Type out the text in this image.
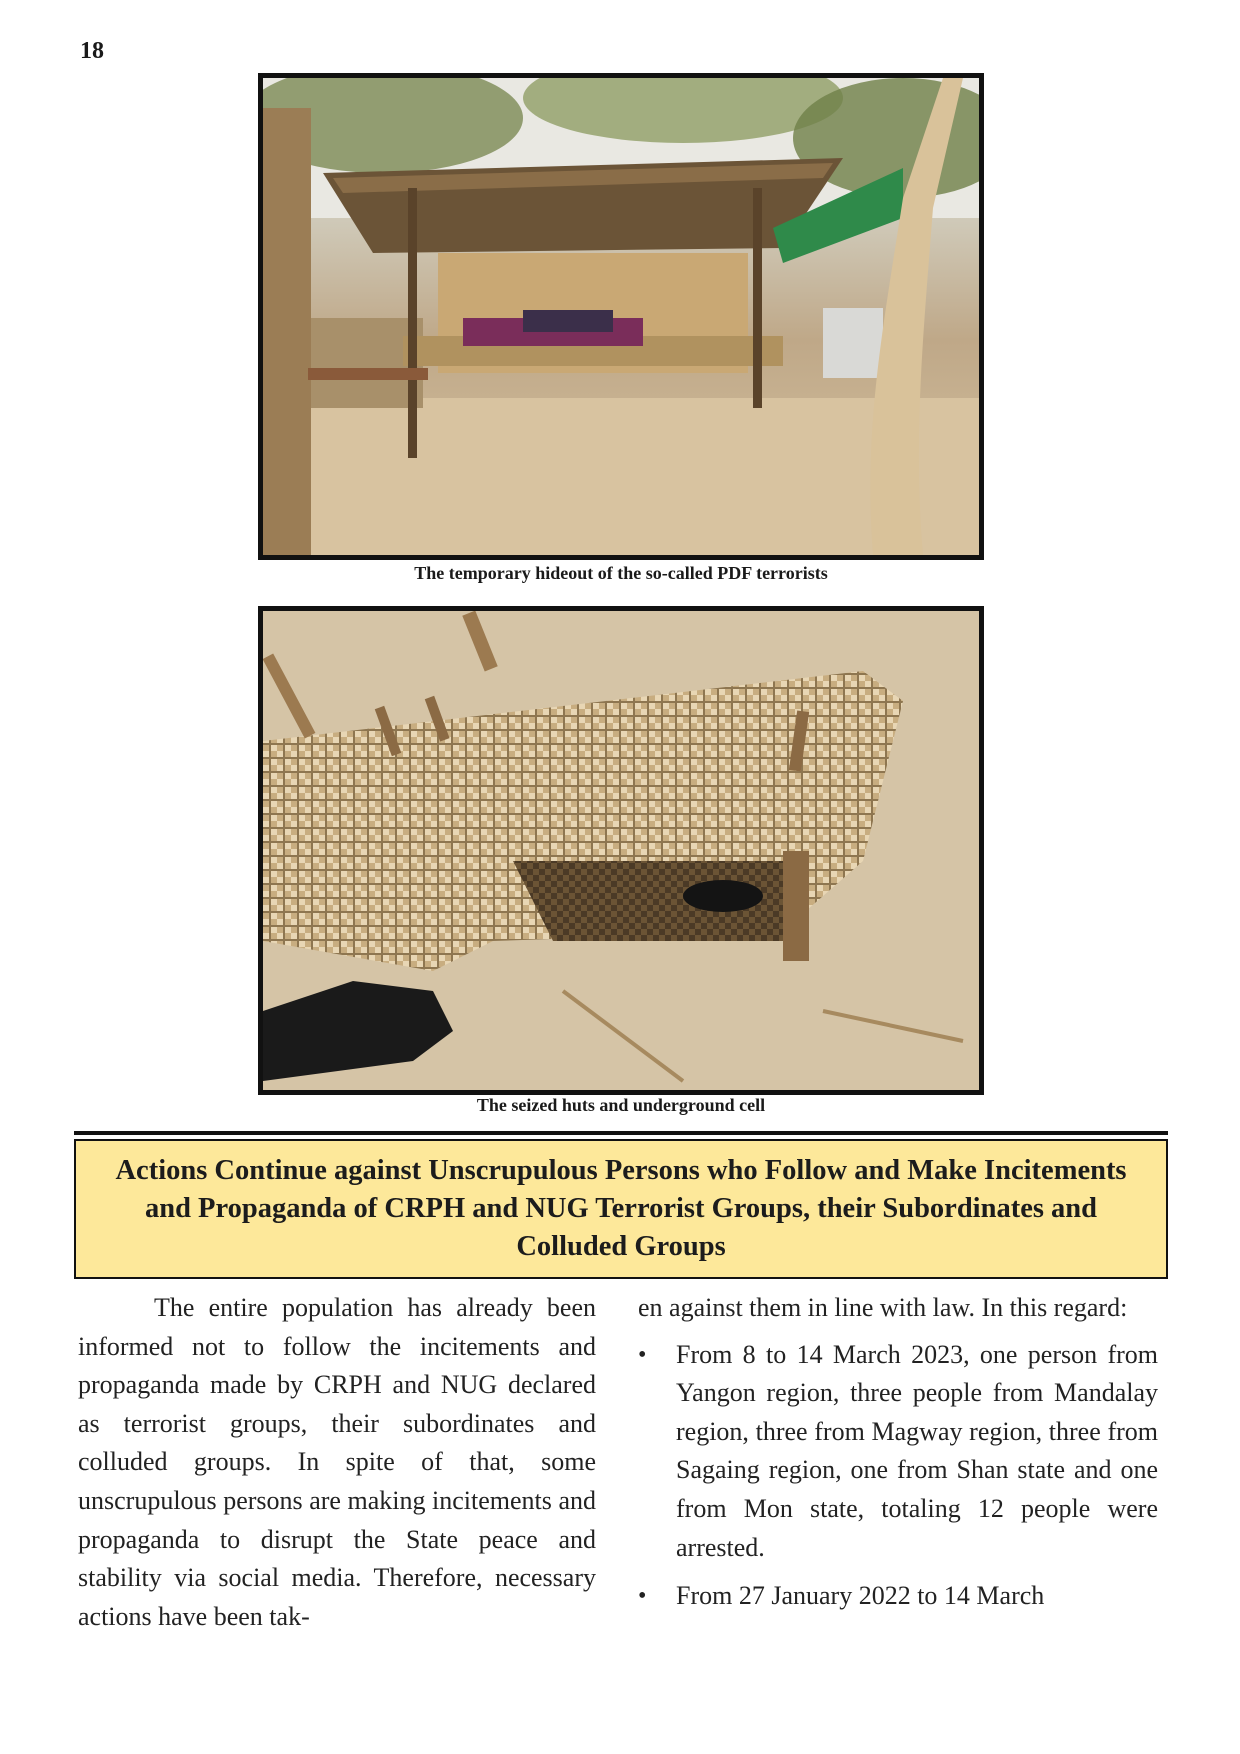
18
The temporary hideout of the so-called PDF terrorists
The seized huts and underground cell
Actions Continue against Unscrupulous Persons who Follow and Make Incitements and Propaganda of CRPH and NUG Terrorist Groups, their Subordinates and Colluded Groups

The entire population has already been informed not to follow the incitements and propaganda made by CRPH and NUG declared as terrorist groups, their subordinates and colluded groups. In spite of that, some unscrupulous persons are making incitements and propaganda to disrupt the State peace and stability via social media. Therefore, necessary actions have been tak-

en against them in line with law. In this regard:

• From 8 to 14 March 2023, one person from Yangon region, three people from Mandalay region, three from Magway region, three from Sagaing region, one from Shan state and one from Mon state, totaling 12 people were arrested.
• From 27 January 2022 to 14 March
